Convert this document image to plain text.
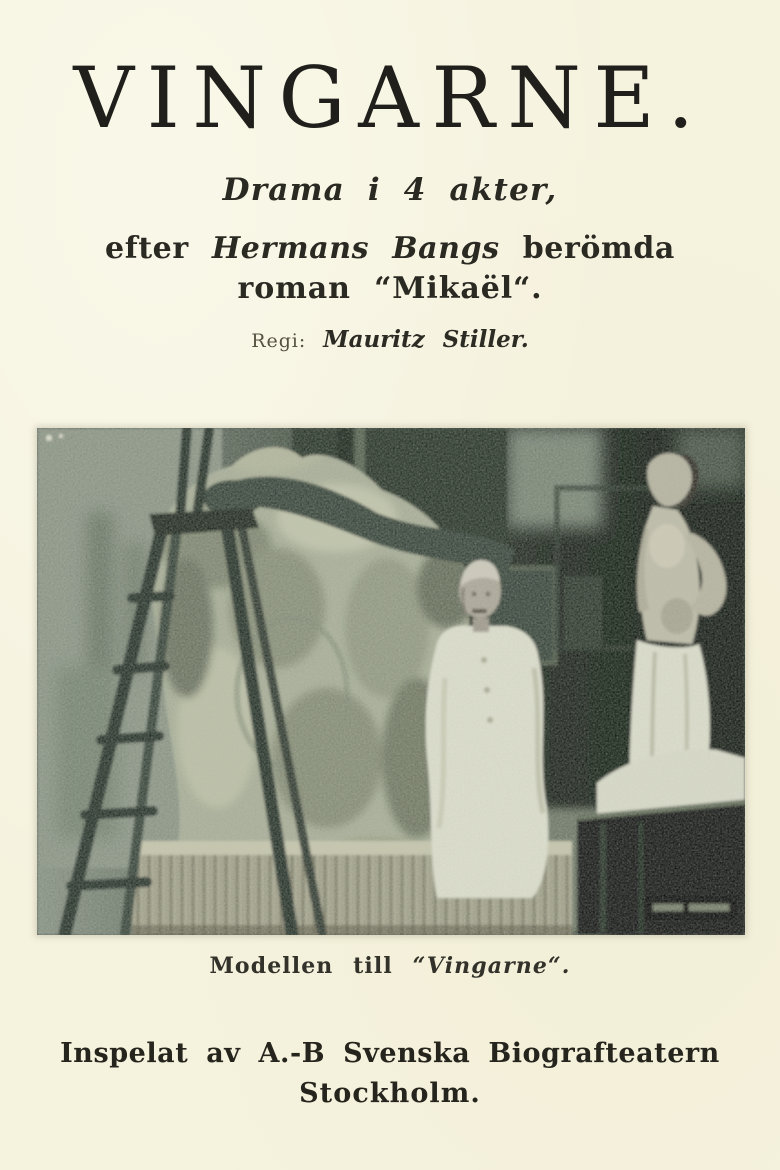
VINGARNE.
Drama i 4 akter,
efter Hermans Bangs berömda
roman “Mikaël“.
Regi: Mauritz Stiller.
Modellen till “Vingarne“.
Inspelat av A.-B Svenska Biografteatern
Stockholm.
